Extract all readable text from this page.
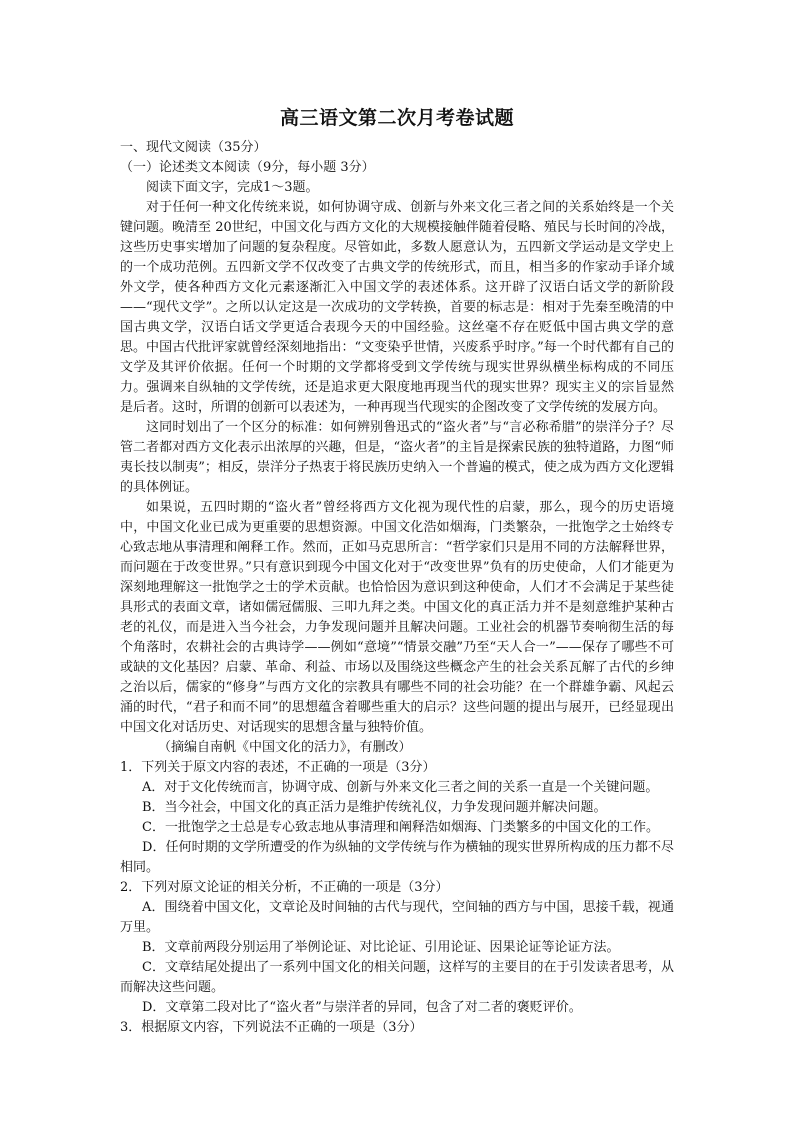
高三语文第二次月考卷试题

一、现代文阅读（35分）

（一）论述类文本阅读（9分，每小题 3分）

阅读下面文字，完成1～3题。

对于任何一种文化传统来说，如何协调守成、创新与外来文化三者之间的关系始终是一个关键问题。晚清至 20世纪，中国文化与西方文化的大规模接触伴随着侵略、殖民与长时间的冷战，这些历史事实增加了问题的复杂程度。尽管如此，多数人愿意认为，五四新文学运动是文学史上的一个成功范例。五四新文学不仅改变了古典文学的传统形式，而且，相当多的作家动手译介域外文学，使各种西方文化元素逐渐汇入中国文学的表述体系。这开辟了汉语白话文学的新阶段——“现代文学”。之所以认定这是一次成功的文学转换，首要的标志是：相对于先秦至晚清的中国古典文学，汉语白话文学更适合表现今天的中国经验。这丝毫不存在贬低中国古典文学的意思。中国古代批评家就曾经深刻地指出：“文变染乎世情，兴废系乎时序。”每一个时代都有自己的文学及其评价依据。任何一个时期的文学都将受到文学传统与现实世界纵横坐标构成的不同压力。强调来自纵轴的文学传统，还是追求更大限度地再现当代的现实世界？现实主义的宗旨显然是后者。这时，所谓的创新可以表述为，一种再现当代现实的企图改变了文学传统的发展方向。

这同时划出了一个区分的标准：如何辨别鲁迅式的“盗火者”与“言必称希腊”的崇洋分子？尽管二者都对西方文化表示出浓厚的兴趣，但是，“盗火者”的主旨是探索民族的独特道路，力图“师夷长技以制夷”；相反，崇洋分子热衷于将民族历史纳入一个普遍的模式，使之成为西方文化逻辑的具体例证。

如果说，五四时期的“盗火者”曾经将西方文化视为现代性的启蒙，那么，现今的历史语境中，中国文化业已成为更重要的思想资源。中国文化浩如烟海，门类繁杂，一批饱学之士始终专心致志地从事清理和阐释工作。然而，正如马克思所言：“哲学家们只是用不同的方法解释世界，而问题在于改变世界。”只有意识到现今中国文化对于“改变世界”负有的历史使命，人们才能更为深刻地理解这一批饱学之士的学术贡献。也恰恰因为意识到这种使命，人们才不会满足于某些徒具形式的表面文章，诸如儒冠儒服、三叩九拜之类。中国文化的真正活力并不是刻意维护某种古老的礼仪，而是进入当今社会，力争发现问题并且解决问题。工业社会的机器节奏响彻生活的每个角落时，农耕社会的古典诗学——例如“意境”“情景交融”乃至“天人合一”——保存了哪些不可或缺的文化基因？启蒙、革命、利益、市场以及围绕这些概念产生的社会关系瓦解了古代的乡绅之治以后，儒家的“修身”与西方文化的宗教具有哪些不同的社会功能？在一个群雄争霸、风起云涌的时代，“君子和而不同”的思想蕴含着哪些重大的启示？这些问题的提出与展开，已经显现出中国文化对话历史、对话现实的思想含量与独特价值。

（摘编自南帆《中国文化的活力》，有删改）

1．下列关于原文内容的表述，不正确的一项是（3分）

A．对于文化传统而言，协调守成、创新与外来文化三者之间的关系一直是一个关键问题。

B．当今社会，中国文化的真正活力是维护传统礼仪，力争发现问题并解决问题。

C．一批饱学之士总是专心致志地从事清理和阐释浩如烟海、门类繁多的中国文化的工作。

D．任何时期的文学所遭受的作为纵轴的文学传统与作为横轴的现实世界所构成的压力都不尽相同。

2．下列对原文论证的相关分析，不正确的一项是（3分）

A．围绕着中国文化，文章论及时间轴的古代与现代，空间轴的西方与中国，思接千载，视通万里。

B．文章前两段分别运用了举例论证、对比论证、引用论证、因果论证等论证方法。

C．文章结尾处提出了一系列中国文化的相关问题，这样写的主要目的在于引发读者思考，从而解决这些问题。

D．文章第二段对比了“盗火者”与崇洋者的异同，包含了对二者的褒贬评价。

3．根据原文内容，下列说法不正确的一项是（3分）
